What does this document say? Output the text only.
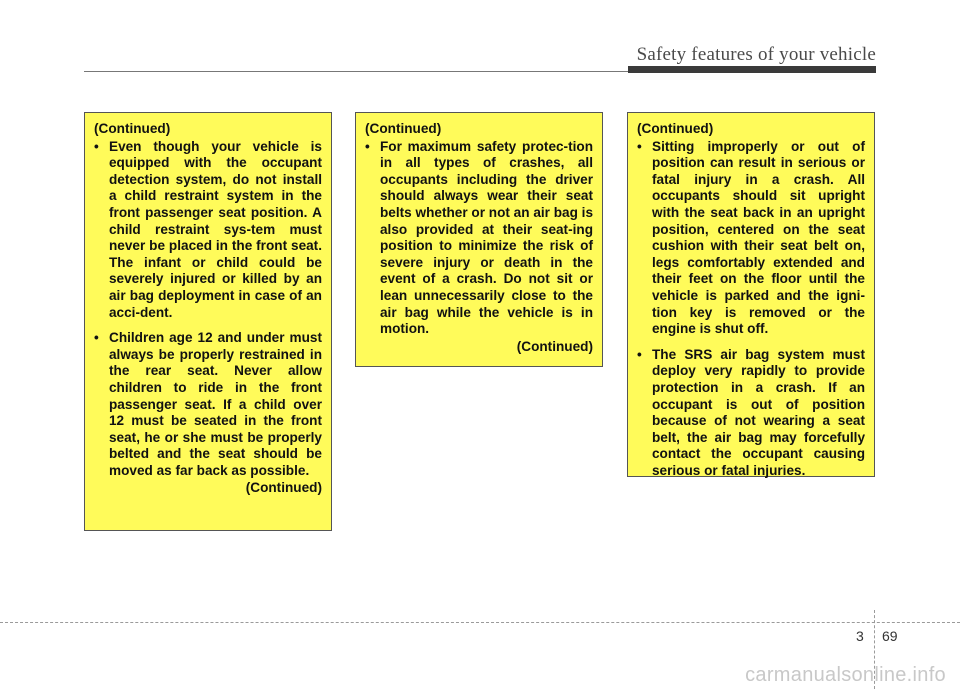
Safety features of your vehicle
(Continued)
• Even though your vehicle is equipped with the occupant detection system, do not install a child restraint system in the front passenger seat position. A child restraint sys-tem must never be placed in the front seat. The infant or child could be severely injured or killed by an air bag deployment in case of an acci-dent.
• Children age 12 and under must always be properly restrained in the rear seat. Never allow children to ride in the front passenger seat. If a child over 12 must be seated in the front seat, he or she must be properly belted and the seat should be moved as far back as possible.
(Continued)
(Continued)
• For maximum safety protec-tion in all types of crashes, all occupants including the driver should always wear their seat belts whether or not an air bag is also provided at their seat-ing position to minimize the risk of severe injury or death in the event of a crash. Do not sit or lean unnecessarily close to the air bag while the vehicle is in motion.
(Continued)
(Continued)
• Sitting improperly or out of position can result in serious or fatal injury in a crash. All occupants should sit upright with the seat back in an upright position, centered on the seat cushion with their seat belt on, legs comfortably extended and their feet on the floor until the vehicle is parked and the igni-tion key is removed or the engine is shut off.
• The SRS air bag system must deploy very rapidly to provide protection in a crash. If an occupant is out of position because of not wearing a seat belt, the air bag may forcefully contact the occupant causing serious or fatal injuries.
3 69
carmanualsonline.info
